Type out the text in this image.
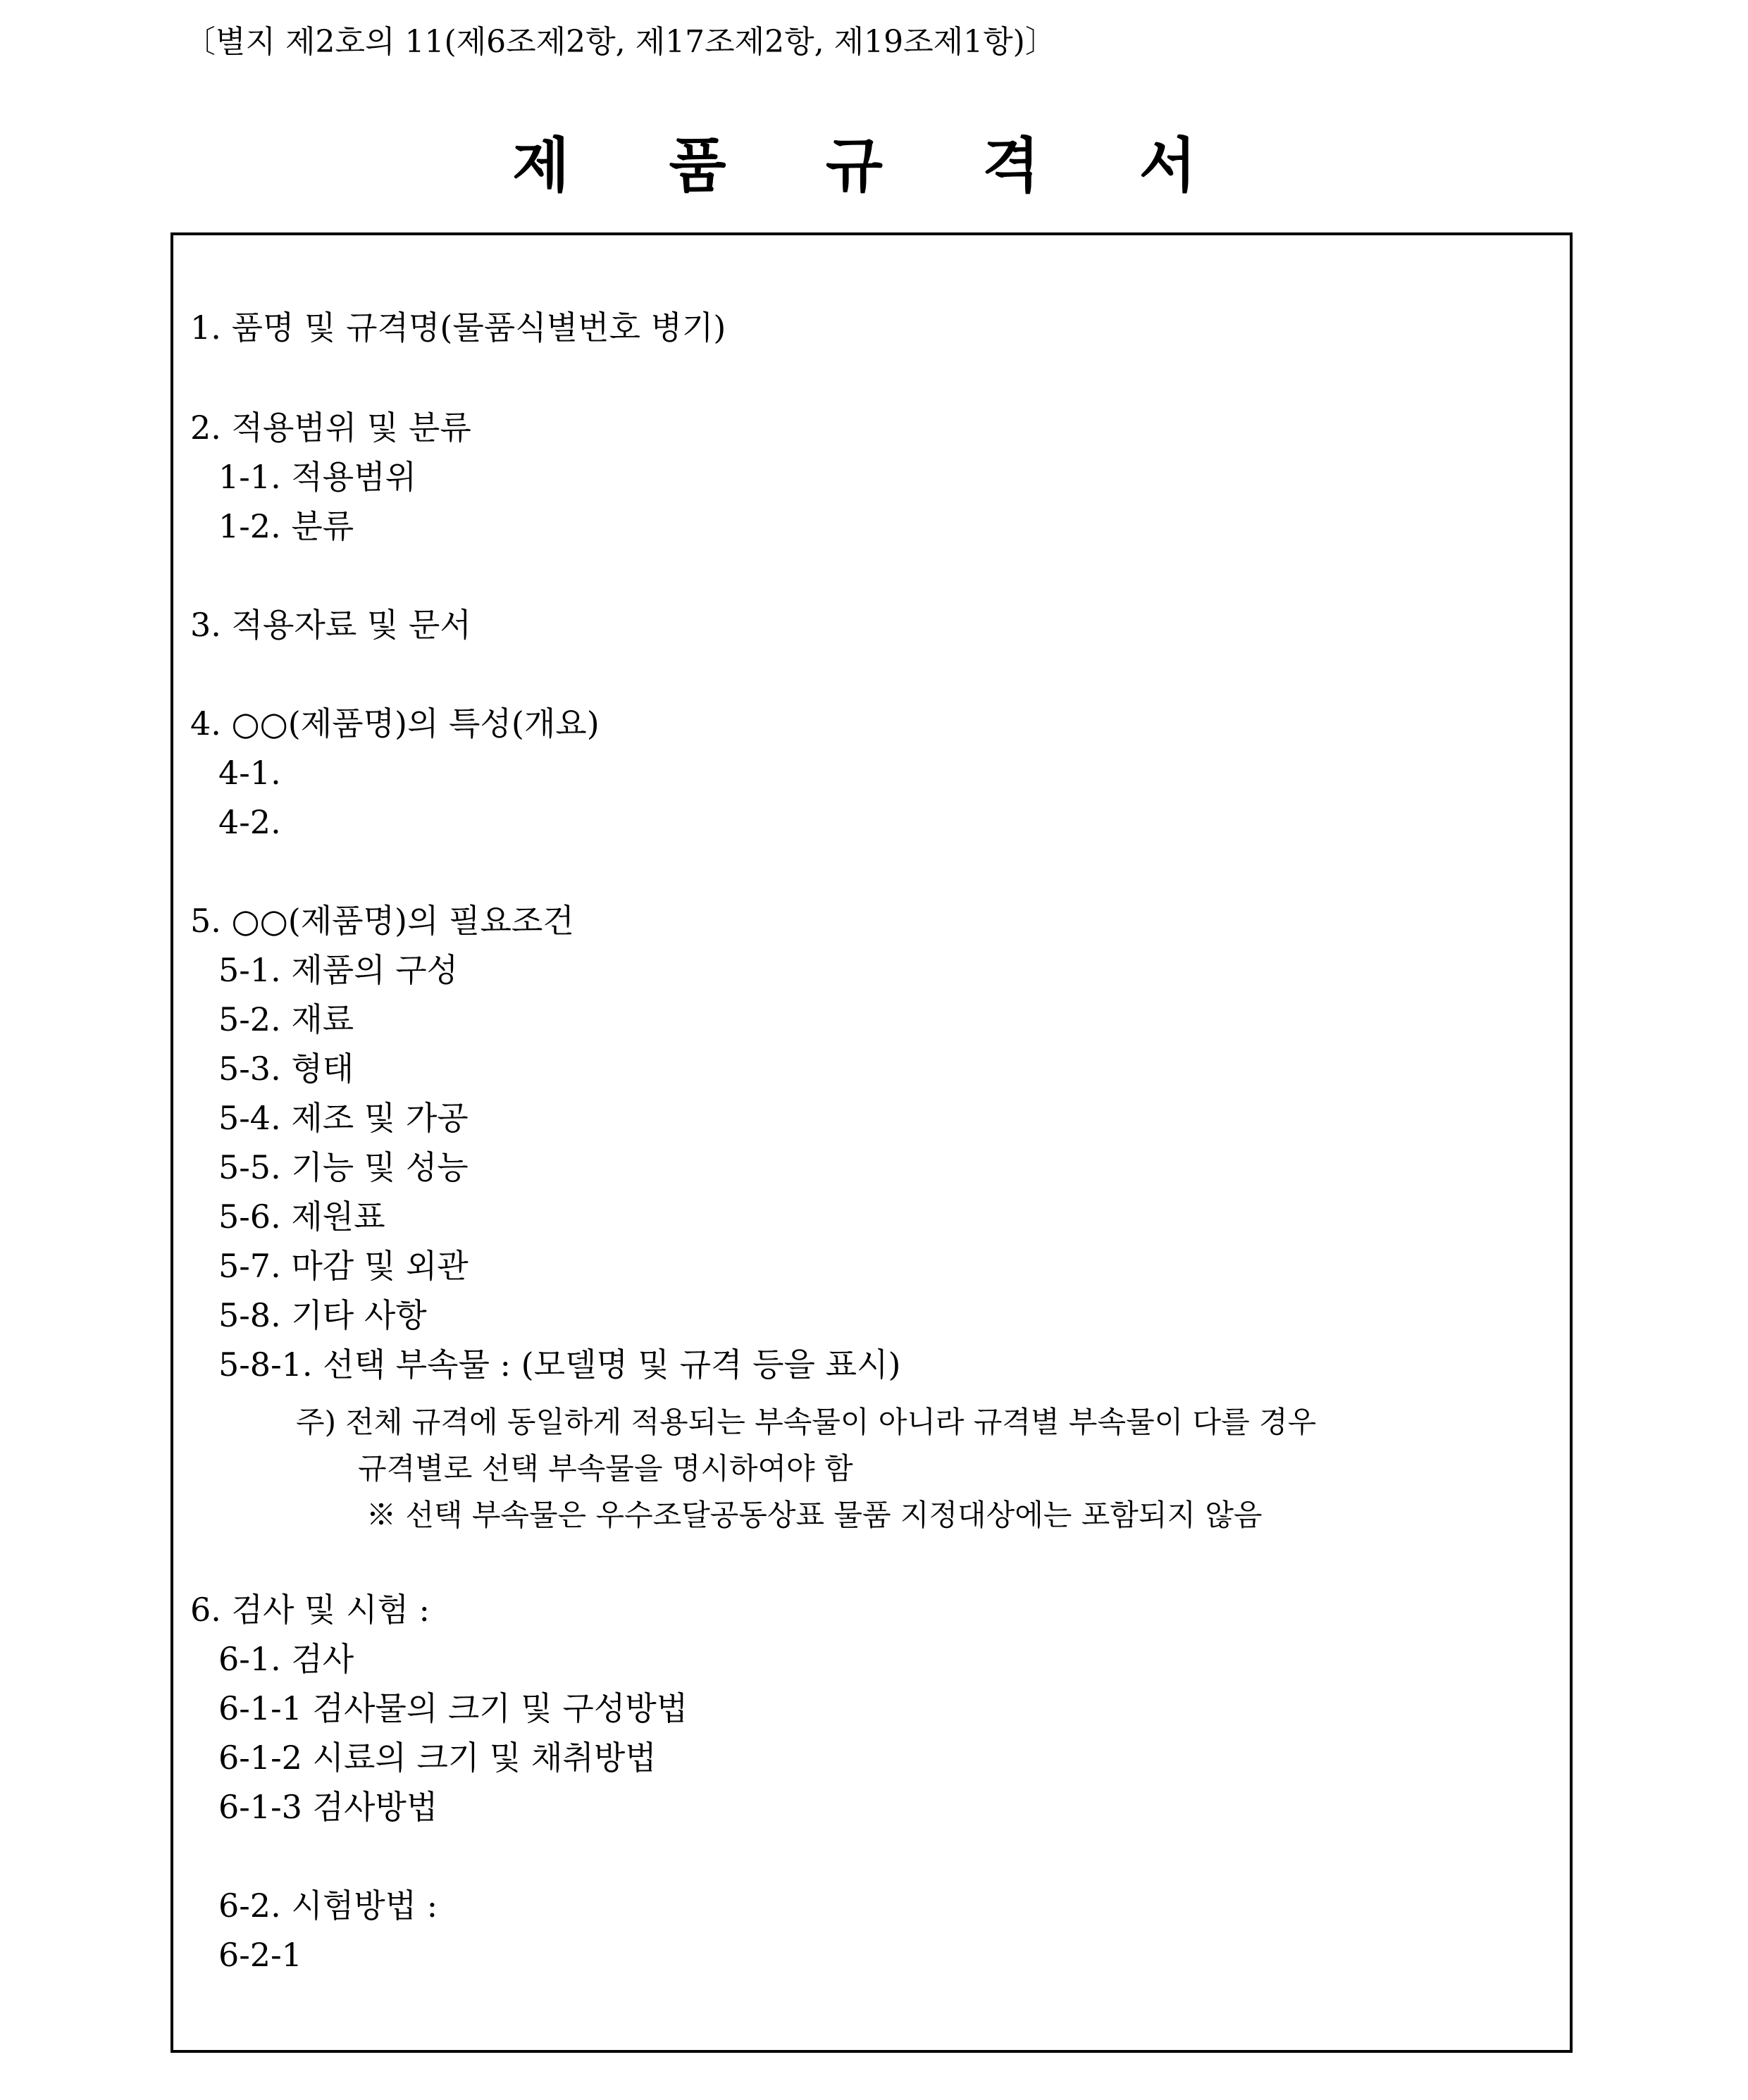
〔별지 제2호의 11(제6조제2항, 제17조제2항, 제19조제1항)〕
제 품 규 격 서
1. 품명 및 규격명(물품식별번호 병기)
2. 적용범위 및 분류
1-1. 적용범위
1-2. 분류
3. 적용자료 및 문서
4. ○○(제품명)의 특성(개요)
4-1.
4-2.
5. ○○(제품명)의 필요조건
5-1. 제품의 구성
5-2. 재료
5-3. 형태
5-4. 제조 및 가공
5-5. 기능 및 성능
5-6. 제원표
5-7. 마감 및 외관
5-8. 기타 사항
5-8-1. 선택 부속물 : (모델명 및 규격 등을 표시)
주) 전체 규격에 동일하게 적용되는 부속물이 아니라 규격별 부속물이 다를 경우
규격별로 선택 부속물을 명시하여야 함
※ 선택 부속물은 우수조달공동상표 물품 지정대상에는 포함되지 않음
6. 검사 및 시험 :
6-1. 검사
6-1-1 검사물의 크기 및 구성방법
6-1-2 시료의 크기 및 채취방법
6-1-3 검사방법
6-2. 시험방법 :
6-2-1
